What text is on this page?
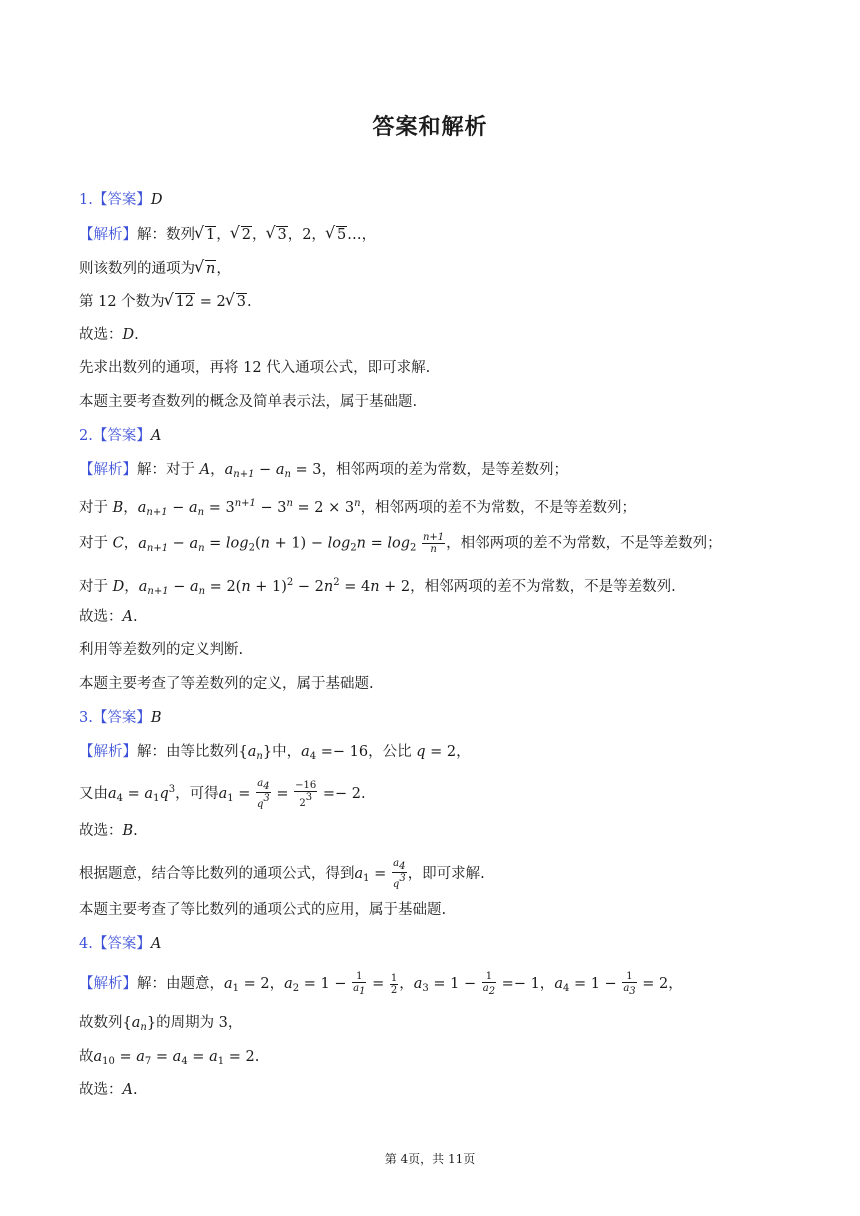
答案和解析
1.【答案】D
【解析】解：数列 √ 1， √ 2， √ 3，2， √ 5…，
则该数列的通项为 √ n，
第 12 个数为 √ 12 = 2 √ 3.
故选：D.
先求出数列的通项，再将 12 代入通项公式，即可求解.
本题主要考查数列的概念及简单表示法，属于基础题.
2.【答案】A
【解析】解：对于 A，$a_{n+1} - a_n = 3$，相邻两项的差为常数，是等差数列；
对于 B，$a_{n+1} - a_n = 3^{n+1} - 3^n = 2 \times 3^n$，相邻两项的差不为常数，不是等差数列；
对于 C，$a_{n+1} - a_n = \log_2(n + 1) - \log_2n = \log_2 \frac{n+1}{n}$ ，相邻两项的差不为常数，不是等差数列；
对于 D，$a_{n+1} - a_n = 2(n + 1)^2 - 2n^2 = 4n + 2$，相邻两项的差不为常数，不是等差数列.
故选：A.
利用等差数列的定义判断.
本题主要考查了等差数列的定义，属于基础题.
3.【答案】B
【解析】解：由等比数列$\{a_n\}$中，$a_4 =- 16$，公比 q = 2，
又由$a_4 = a_1q^3$，可得$a_1 = \frac{a_4}{q^3} = \frac{-16}{2^3} =- 2$.
故选：B.
根据题意，结合等比数列的通项公式，得到$a_1 = \frac{a_4}{q^3}$ ，即可求解.
本题主要考查了等比数列的通项公式的应用，属于基础题.
4.【答案】A
【解析】解：由题意，$a_1 = 2$，$a_2 = 1 - \frac{1}{a_1} = \frac{1}{2}$ ，$a_3 = 1 - \frac{1}{a_2} =- 1$，$a_4 = 1 - \frac{1}{a_3} = 2$，
故数列$\{a_n\}$的周期为 3，
故$a_{10} = a_7 = a_4 = a_1 = 2$.
故选：A.
第 4页，共 11页
